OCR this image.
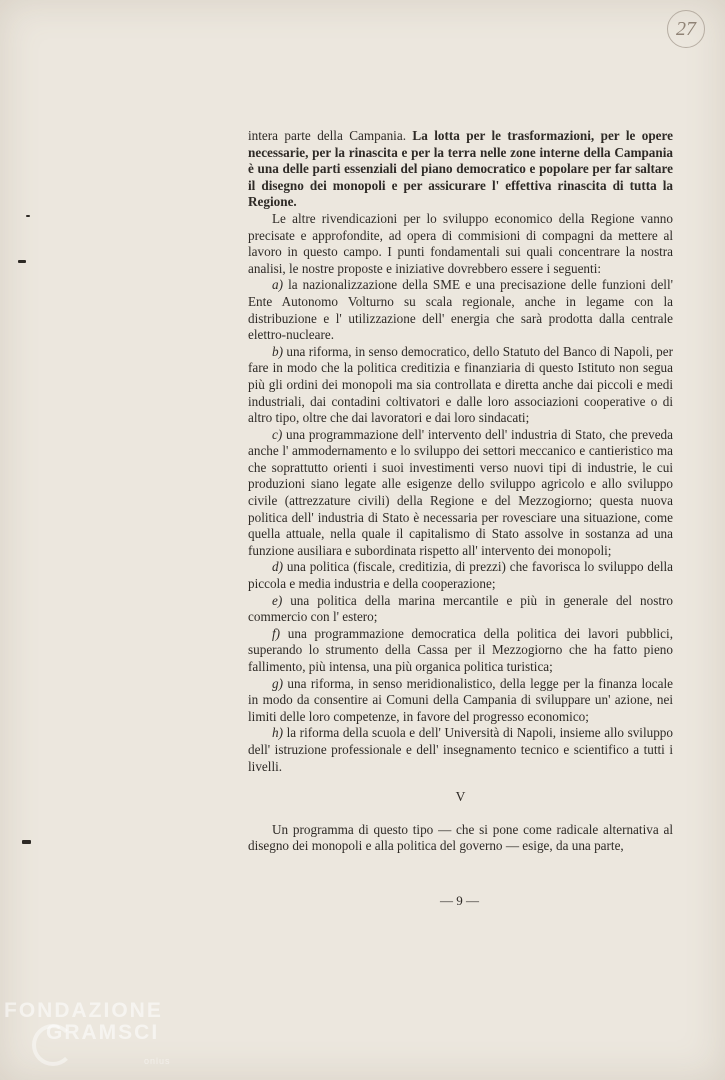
27

intera parte della Campania. La lotta per le trasformazioni, per le opere necessarie, per la rinascita e per la terra nelle zone interne della Campania è una delle parti essenziali del piano democratico e popolare per far saltare il disegno dei monopoli e per assicurare l' effettiva rinascita di tutta la Regione.

Le altre rivendicazioni per lo sviluppo economico della Regione vanno precisate e approfondite, ad opera di commisioni di compagni da mettere al lavoro in questo campo. I punti fondamentali sui quali concentrare la nostra analisi, le nostre proposte e iniziative dovrebbero essere i seguenti:

a) la nazionalizzazione della SME e una precisazione delle funzioni dell' Ente Autonomo Volturno su scala regionale, anche in legame con la distribuzione e l' utilizzazione dell' energia che sarà prodotta dalla centrale elettro-nucleare.

b) una riforma, in senso democratico, dello Statuto del Banco di Napoli, per fare in modo che la politica creditizia e finanziaria di questo Istituto non segua più gli ordini dei monopoli ma sia controllata e diretta anche dai piccoli e medi industriali, dai contadini coltivatori e dalle loro associazioni cooperative o di altro tipo, oltre che dai lavoratori e dai loro sindacati;

c) una programmazione dell' intervento dell' industria di Stato, che preveda anche l' ammodernamento e lo sviluppo dei settori meccanico e cantieristico ma che soprattutto orienti i suoi investimenti verso nuovi tipi di industrie, le cui produzioni siano legate alle esigenze dello sviluppo agricolo e allo sviluppo civile (attrezzature civili) della Regione e del Mezzogiorno; questa nuova politica dell' industria di Stato è necessaria per rovesciare una situazione, come quella attuale, nella quale il capitalismo di Stato assolve in sostanza ad una funzione ausiliara e subordinata rispetto all' intervento dei monopoli;

d) una politica (fiscale, creditizia, di prezzi) che favorisca lo sviluppo della piccola e media industria e della cooperazione;

e) una politica della marina mercantile e più in generale del nostro commercio con l' estero;

f) una programmazione democratica della politica dei lavori pubblici, superando lo strumento della Cassa per il Mezzogiorno che ha fatto pieno fallimento, più intensa, una più organica politica turistica;

g) una riforma, in senso meridionalistico, della legge per la finanza locale in modo da consentire ai Comuni della Campania di sviluppare un' azione, nei limiti delle loro competenze, in favore del progresso economico;

h) la riforma della scuola e dell' Università di Napoli, insieme allo sviluppo dell' istruzione professionale e dell' insegnamento tecnico e scientifico a tutti i livelli.

V

Un programma di questo tipo — che si pone come radicale alternativa al disegno dei monopoli e alla politica del governo — esige, da una parte,

— 9 —
FONDAZIONE
GRAMSCI
onlus
